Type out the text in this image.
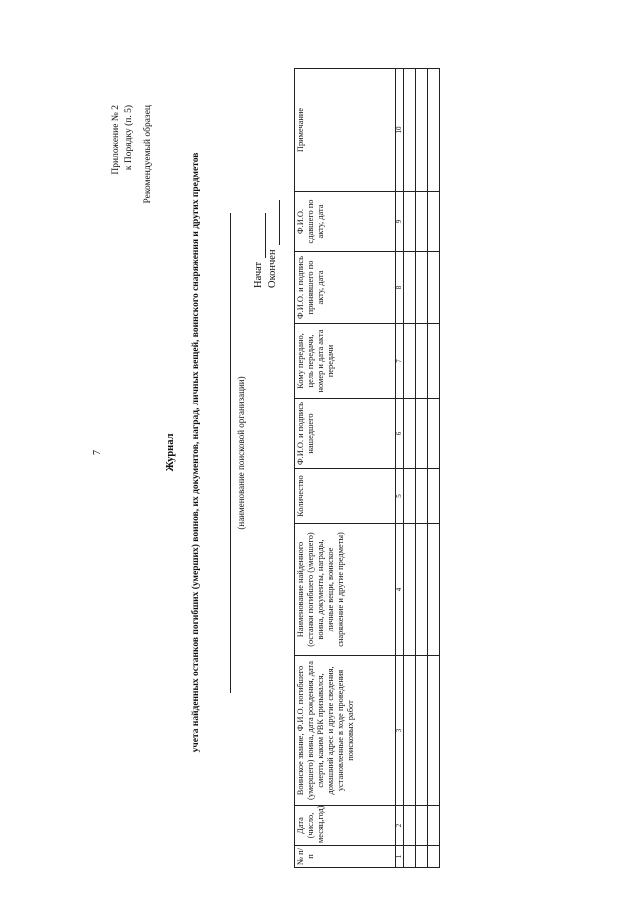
7
Приложение № 2 к Порядку (п. 5) Рекомендуемый образец
Журнал учета найденных останков погибших (умерших) воинов, их документов, наград, личных вещей, воинского снаряжения и других предметов	(наименование поисковой организации)
Начат Окончен
№ п/п	Дата (число, месяц,год)	Воинское звание, Ф.И.О. погибшего (умершего) воина, дата рождения, дата смерти, каким РВК призывался, домашний адрес и другие сведения, установленные в ходе проведения поисковых работ	Наименование найденного (останки погибшего (умершего) воина, документы, награды, личные вещи, воинское снаряжение и другие предметы)	Количество	Ф.И.О. и подпись нашедшего	Кому передано, цель передачи, номер и дата акта передачи	Ф.И.О. и подпись принявшего по акту, дата	Ф.И.О. сдавшего по акту, дата	Примечание
1	2	3	4	5	6	7	8	9	10
